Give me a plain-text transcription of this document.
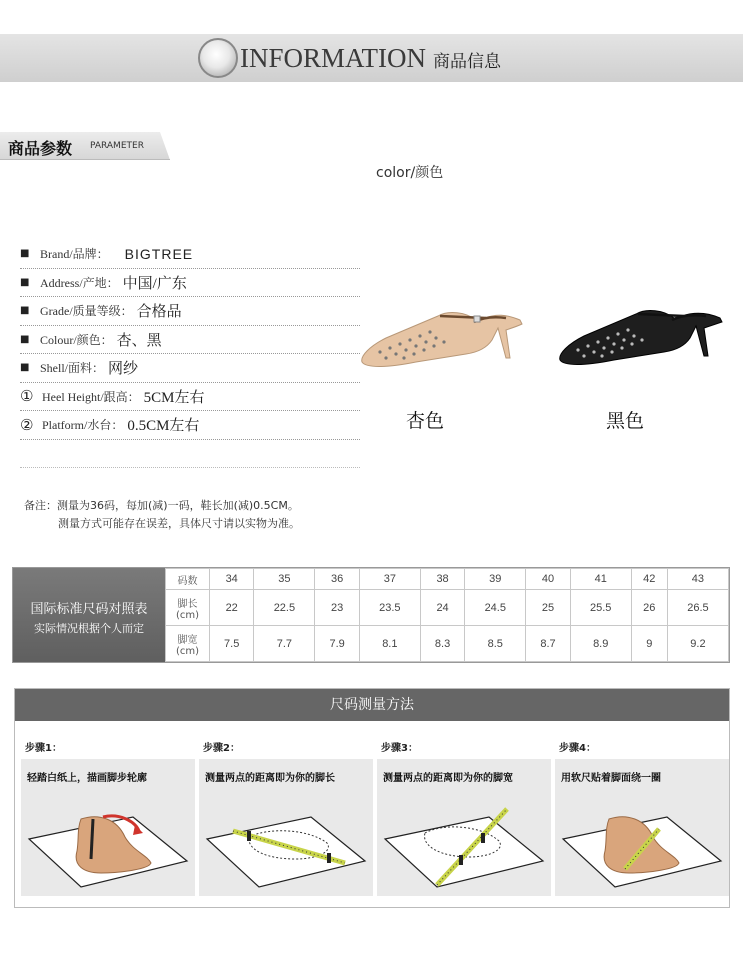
INFORMATION 商品信息
商品参数 PARAMETER
color/颜色
■ Brand/品牌： BIGTREE
■ Address/产地： 中国/广东
■ Grade/质量等级： 合格品
■ Colour/颜色： 杏、黑
■ Shell/面料： 网纱
① Heel Height/跟高： 5CM左右
② Platform/水台： 0.5CM左右	杏色	黑色
备注：测量为36码，每加(减)一码，鞋长加(减)0.5CM。
测量方式可能存在误差，具体尺寸请以实物为准。
国际标准尺码对照表
实际情况根据个人而定
码数	34	35	36	37	38	39	40	41	42	43
脚长(cm)	22	22.5	23	23.5	24	24.5	25	25.5	26	26.5
脚宽(cm)	7.5	7.7	7.9	8.1	8.3	8.5	8.7	8.9	9	9.2
尺码测量方法
步骤1：
轻踏白纸上，描画脚步轮廓
步骤2：
测量两点的距离即为你的脚长
步骤3：
测量两点的距离即为你的脚宽
步骤4：
用软尺贴着脚面绕一圈
